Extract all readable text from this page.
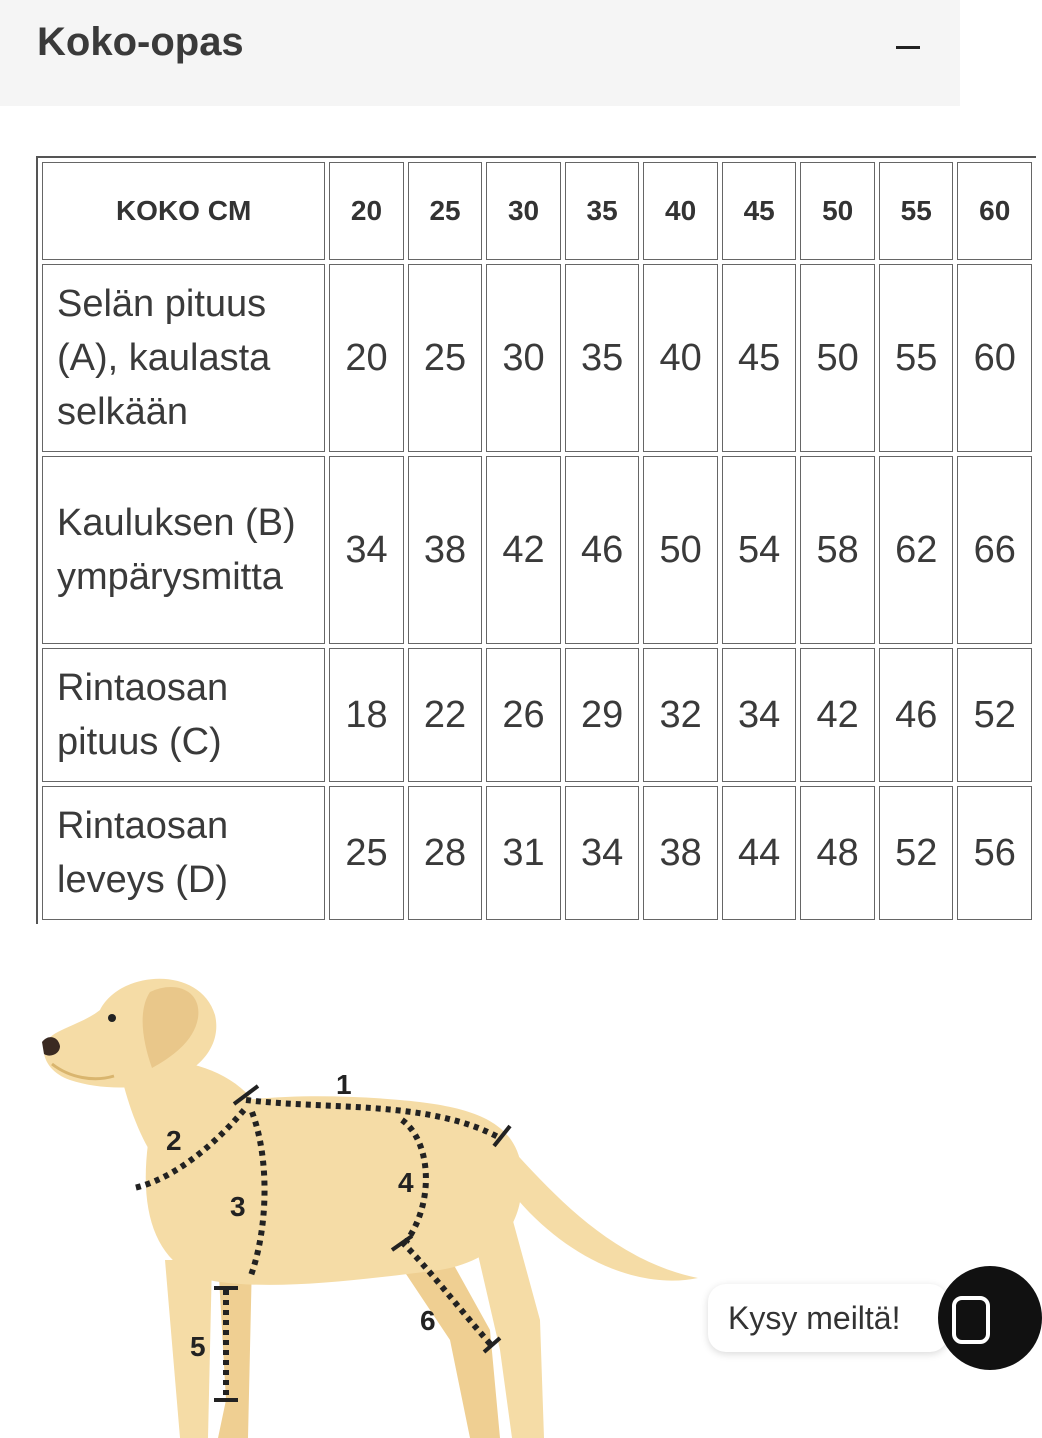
Koko-opas
KOKO CM	20	25	30	35	40	45	50	55	60

Selän pituus (A), kaulasta selkään	20	25	30	35	40	45	50	55	60

Kauluksen (B) ympärysmitta	34	38	42	46	50	54	58	62	66

Rintaosan pituus (C)	18	22	26	29	32	34	42	46	52

Rintaosan leveys (D)	25	28	31	34	38	44	48	52	56
1
2
3
4
5
6	Kysy meiltä!
